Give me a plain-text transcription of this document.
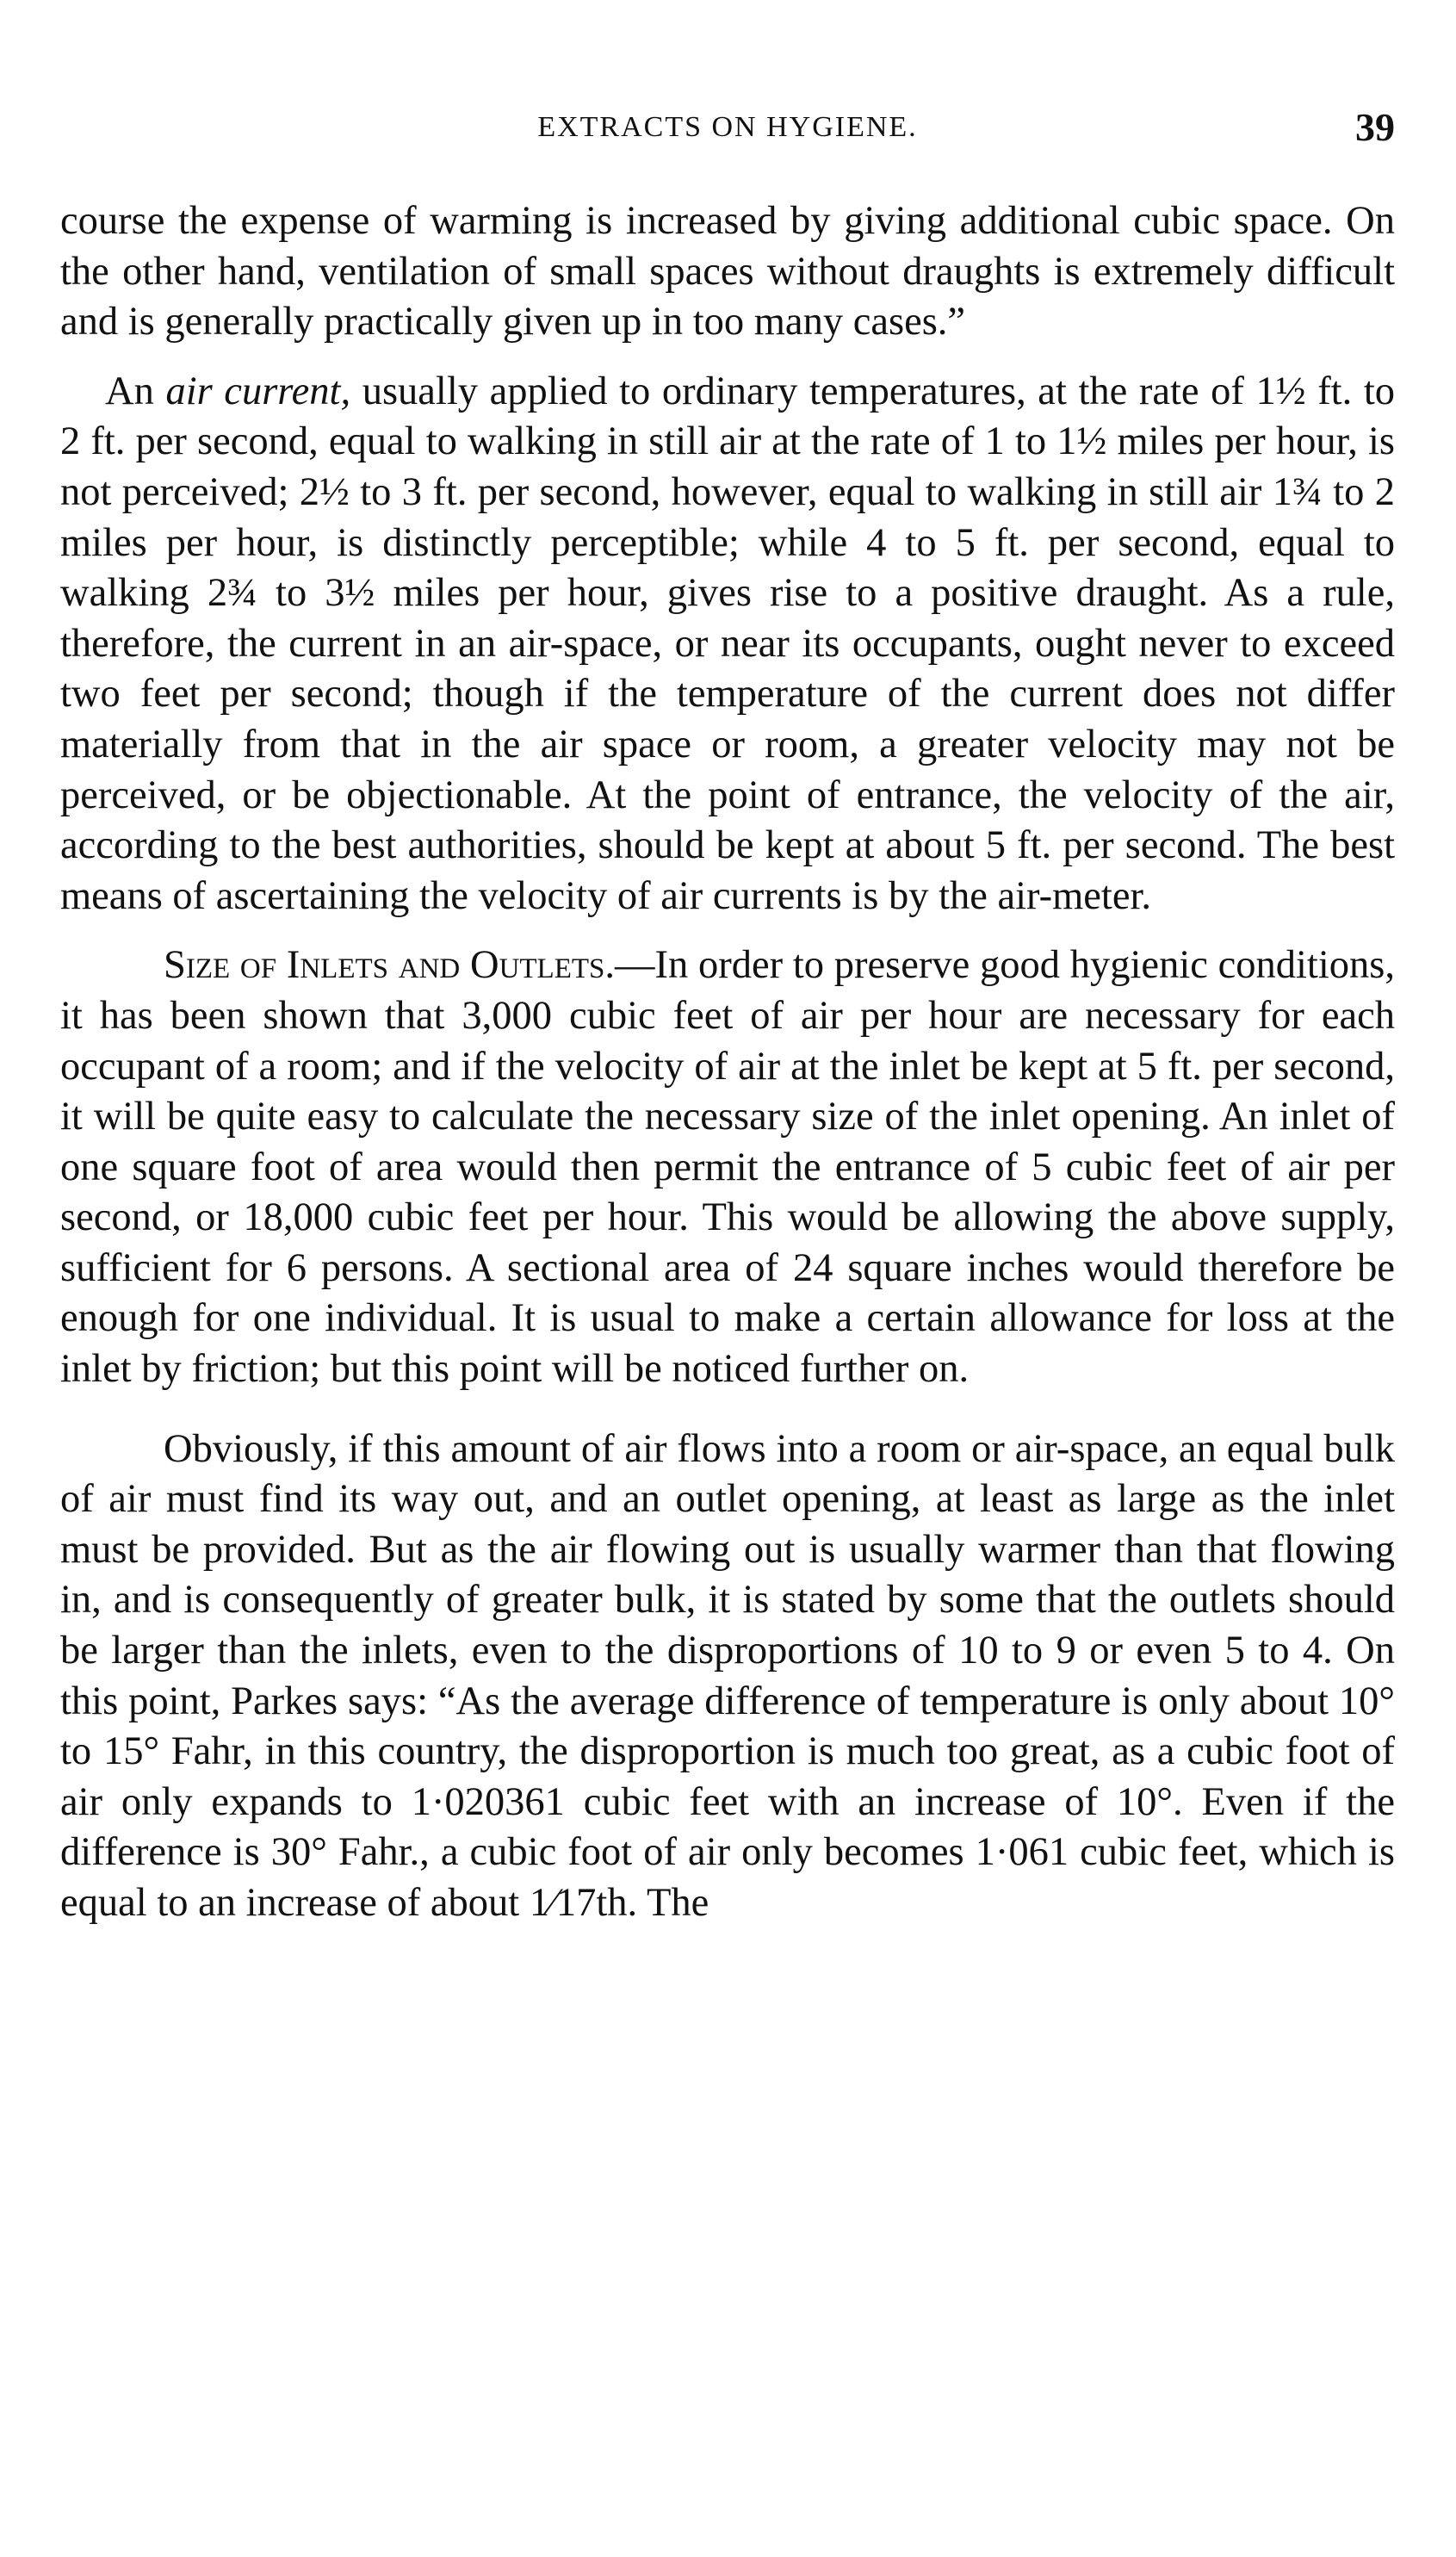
EXTRACTS ON HYGIENE.	39

course the expense of warming is increased by giving additional cubic space. On the other hand, ventilation of small spaces without draughts is extremely difficult and is generally practically given up in too many cases.”

An air current, usually applied to ordinary temperatures, at the rate of 1½ ft. to 2 ft. per second, equal to walking in still air at the rate of 1 to 1½ miles per hour, is not perceived; 2½ to 3 ft. per second, however, equal to walking in still air 1¾ to 2 miles per hour, is distinctly perceptible; while 4 to 5 ft. per second, equal to walking 2¾ to 3½ miles per hour, gives rise to a positive draught. As a rule, therefore, the current in an air-space, or near its occupants, ought never to exceed two feet per second; though if the temperature of the current does not differ materially from that in the air space or room, a greater velocity may not be perceived, or be objectionable. At the point of entrance, the velocity of the air, according to the best authorities, should be kept at about 5 ft. per second. The best means of ascertaining the velocity of air currents is by the air-meter.

Size of Inlets and Outlets.—In order to preserve good hygienic conditions, it has been shown that 3,000 cubic feet of air per hour are necessary for each occupant of a room; and if the velocity of air at the inlet be kept at 5 ft. per second, it will be quite easy to calculate the necessary size of the inlet opening. An inlet of one square foot of area would then permit the entrance of 5 cubic feet of air per second, or 18,000 cubic feet per hour. This would be allowing the above supply, sufficient for 6 persons. A sectional area of 24 square inches would therefore be enough for one individual. It is usual to make a certain allowance for loss at the inlet by friction; but this point will be noticed further on.

Obviously, if this amount of air flows into a room or air-space, an equal bulk of air must find its way out, and an outlet opening, at least as large as the inlet must be provided. But as the air flowing out is usually warmer than that flowing in, and is consequently of greater bulk, it is stated by some that the outlets should be larger than the inlets, even to the disproportions of 10 to 9 or even 5 to 4. On this point, Parkes says: “As the average difference of temperature is only about 10° to 15° Fahr, in this country, the disproportion is much too great, as a cubic foot of air only expands to 1·020361 cubic feet with an increase of 10°. Even if the difference is 30° Fahr., a cubic foot of air only becomes 1·061 cubic feet, which is equal to an increase of about 1⁄17th. The
